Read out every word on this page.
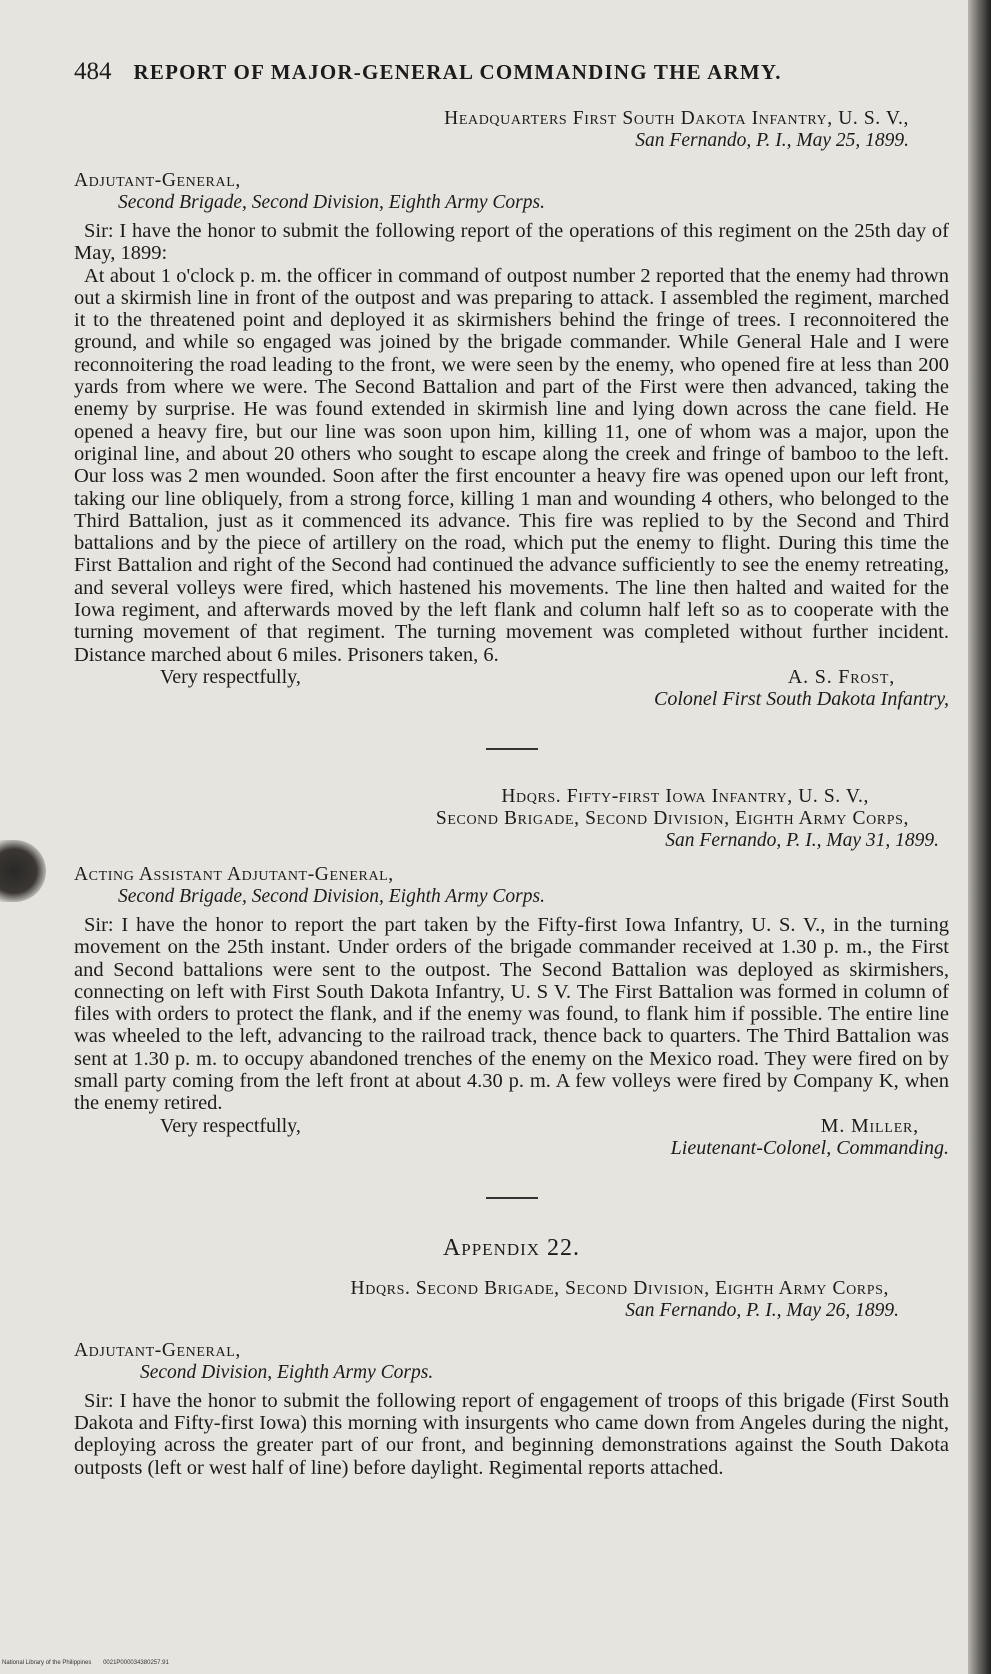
484 REPORT OF MAJOR-GENERAL COMMANDING THE ARMY.
Headquarters First South Dakota Infantry, U. S. V.,
San Fernando, P. I., May 25, 1899.
Adjutant-General,
Second Brigade, Second Division, Eighth Army Corps.

Sir: I have the honor to submit the following report of the operations of this regiment on the 25th day of May, 1899:

At about 1 o'clock p. m. the officer in command of outpost number 2 reported that the enemy had thrown out a skirmish line in front of the outpost and was preparing to attack. I assembled the regiment, marched it to the threatened point and deployed it as skirmishers behind the fringe of trees. I reconnoitered the ground, and while so engaged was joined by the brigade commander. While General Hale and I were reconnoitering the road leading to the front, we were seen by the enemy, who opened fire at less than 200 yards from where we were. The Second Battalion and part of the First were then advanced, taking the enemy by surprise. He was found extended in skirmish line and lying down across the cane field. He opened a heavy fire, but our line was soon upon him, killing 11, one of whom was a major, upon the original line, and about 20 others who sought to escape along the creek and fringe of bamboo to the left. Our loss was 2 men wounded. Soon after the first encounter a heavy fire was opened upon our left front, taking our line obliquely, from a strong force, killing 1 man and wounding 4 others, who belonged to the Third Battalion, just as it commenced its advance. This fire was replied to by the Second and Third battalions and by the piece of artillery on the road, which put the enemy to flight. During this time the First Battalion and right of the Second had continued the advance sufficiently to see the enemy retreating, and several volleys were fired, which hastened his movements. The line then halted and waited for the Iowa regiment, and afterwards moved by the left flank and column half left so as to cooperate with the turning movement of that regiment. The turning movement was completed without further incident. Distance marched about 6 miles. Prisoners taken, 6.

Very respectfully,	A. S. Frost,
Colonel First South Dakota Infantry,
Hdqrs. Fifty-first Iowa Infantry, U. S. V.,
Second Brigade, Second Division, Eighth Army Corps,
San Fernando, P. I., May 31, 1899.
Acting Assistant Adjutant-General,
Second Brigade, Second Division, Eighth Army Corps.

Sir: I have the honor to report the part taken by the Fifty-first Iowa Infantry, U. S. V., in the turning movement on the 25th instant. Under orders of the brigade commander received at 1.30 p. m., the First and Second battalions were sent to the outpost. The Second Battalion was deployed as skirmishers, connecting on left with First South Dakota Infantry, U. S V. The First Battalion was formed in column of files with orders to protect the flank, and if the enemy was found, to flank him if possible. The entire line was wheeled to the left, advancing to the railroad track, thence back to quarters. The Third Battalion was sent at 1.30 p. m. to occupy abandoned trenches of the enemy on the Mexico road. They were fired on by small party coming from the left front at about 4.30 p. m. A few volleys were fired by Company K, when the enemy retired.

Very respectfully,	M. Miller,
Lieutenant-Colonel, Commanding.
Appendix 22.
Hdqrs. Second Brigade, Second Division, Eighth Army Corps,
San Fernando, P. I., May 26, 1899.
Adjutant-General,
Second Division, Eighth Army Corps.

Sir: I have the honor to submit the following report of engagement of troops of this brigade (First South Dakota and Fifty-first Iowa) this morning with insurgents who came down from Angeles during the night, deploying across the greater part of our front, and beginning demonstrations against the South Dakota outposts (left or west half of line) before daylight. Regimental reports attached.

National Library of the Philippines 0021P000034380257.91
